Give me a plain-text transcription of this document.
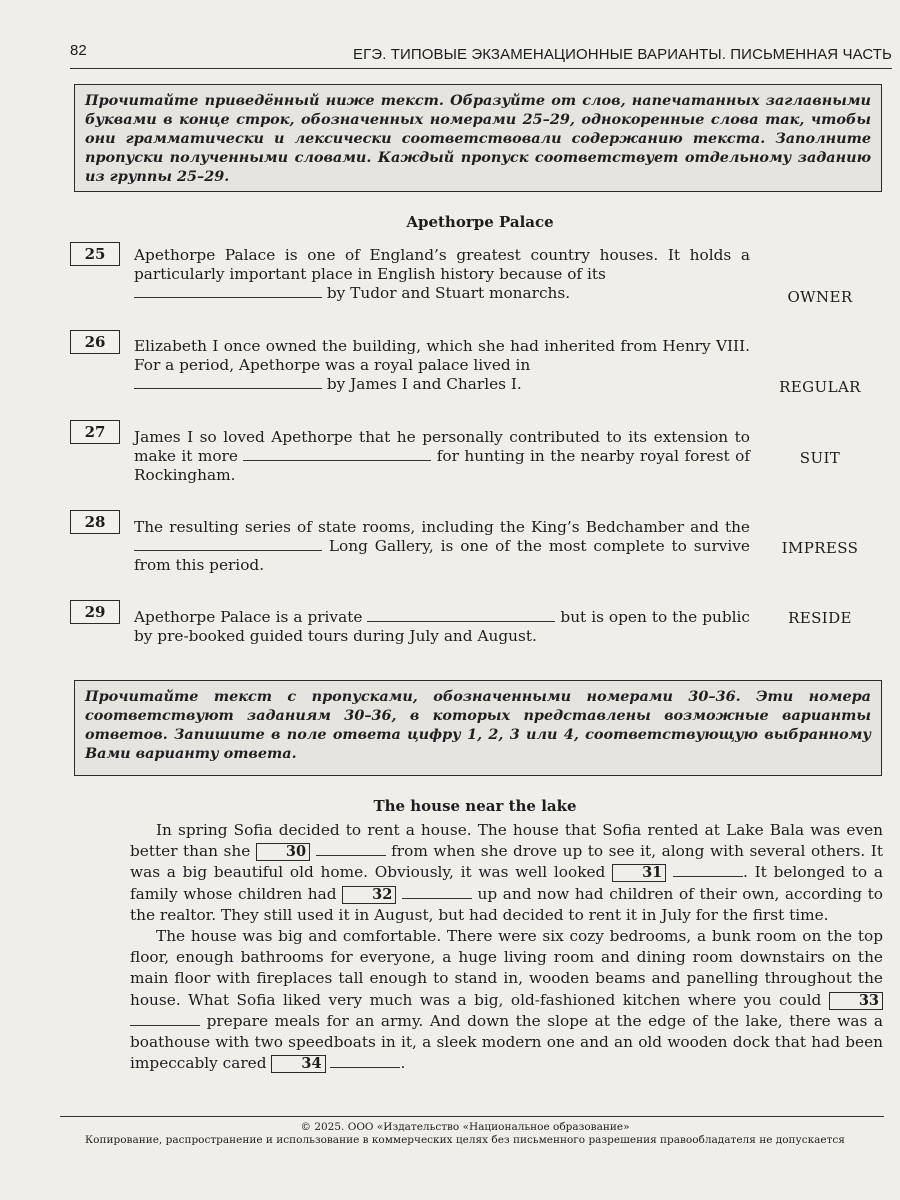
82	ЕГЭ. ТИПОВЫЕ ЭКЗАМЕНАЦИОННЫЕ ВАРИАНТЫ. ПИСЬМЕННАЯ ЧАСТЬ
Прочитайте приведённый ниже текст. Образуйте от слов, напечатанных заглавными буквами в конце строк, обозначенных номерами 25–29, однокоренные слова так, чтобы они грамматически и лексически соответствовали содержанию текста. Заполните пропуски полученными словами. Каждый пропуск соответствует отдельному заданию из группы 25–29.
Apethorpe Palace
25	Apethorpe Palace is one of England’s greatest country houses. It holds a particularly important place in English history because of its
by Tudor and Stuart monarchs.	OWNER
26	Elizabeth I once owned the building, which she had inherited from Henry VIII. For a period, Apethorpe was a royal palace lived in
by James I and Charles I.	REGULAR
27	James I so loved Apethorpe that he personally contributed to its extension to make it more	for hunting in the nearby royal forest of Rockingham.
SUIT
28	The resulting series of state rooms, including the King’s Bedchamber and the  Long Gallery, is one of the most complete to survive from this period.
IMPRESS
29	Apethorpe Palace is a private	but is open to the public by pre-booked guided tours during July and August.
RESIDE
Прочитайте текст с пропусками, обозначенными номерами 30–36. Эти номера соответствуют заданиям 30–36, в которых представлены возможные варианты ответов. Запишите в поле ответа цифру 1, 2, 3 или 4, соответствующую выбранному Вами варианту ответа.
The house near the lake

In spring Sofia decided to rent a house. The house that Sofia rented at Lake Bala was even better than she 30	from when she drove up to see it, along with several others. It was a big beautiful old home. Obviously, it was well looked	31	. It belonged to a family whose children had 32	up and now had children of their own, according to the realtor. They still used it in August, but had decided to rent it in July for the first time.

The house was big and comfortable. There were six cozy bedrooms, a bunk room on the top floor, enough bathrooms for everyone, a huge living room and dining room downstairs on the main floor with fireplaces tall enough to stand in, wooden beams and panelling throughout the house. What Sofia liked very much was a big, old-fashioned kitchen where you could	33  prepare meals for an army. And down the slope at the edge of the lake, there was a boathouse with two speedboats in it, a sleek modern one and an old wooden dock that had been impeccably cared 34	.

© 2025. ООО «Издательство «Национальное образование»
Копирование, распространение и использование в коммерческих целях без письменного разрешения правообладателя не допускается
